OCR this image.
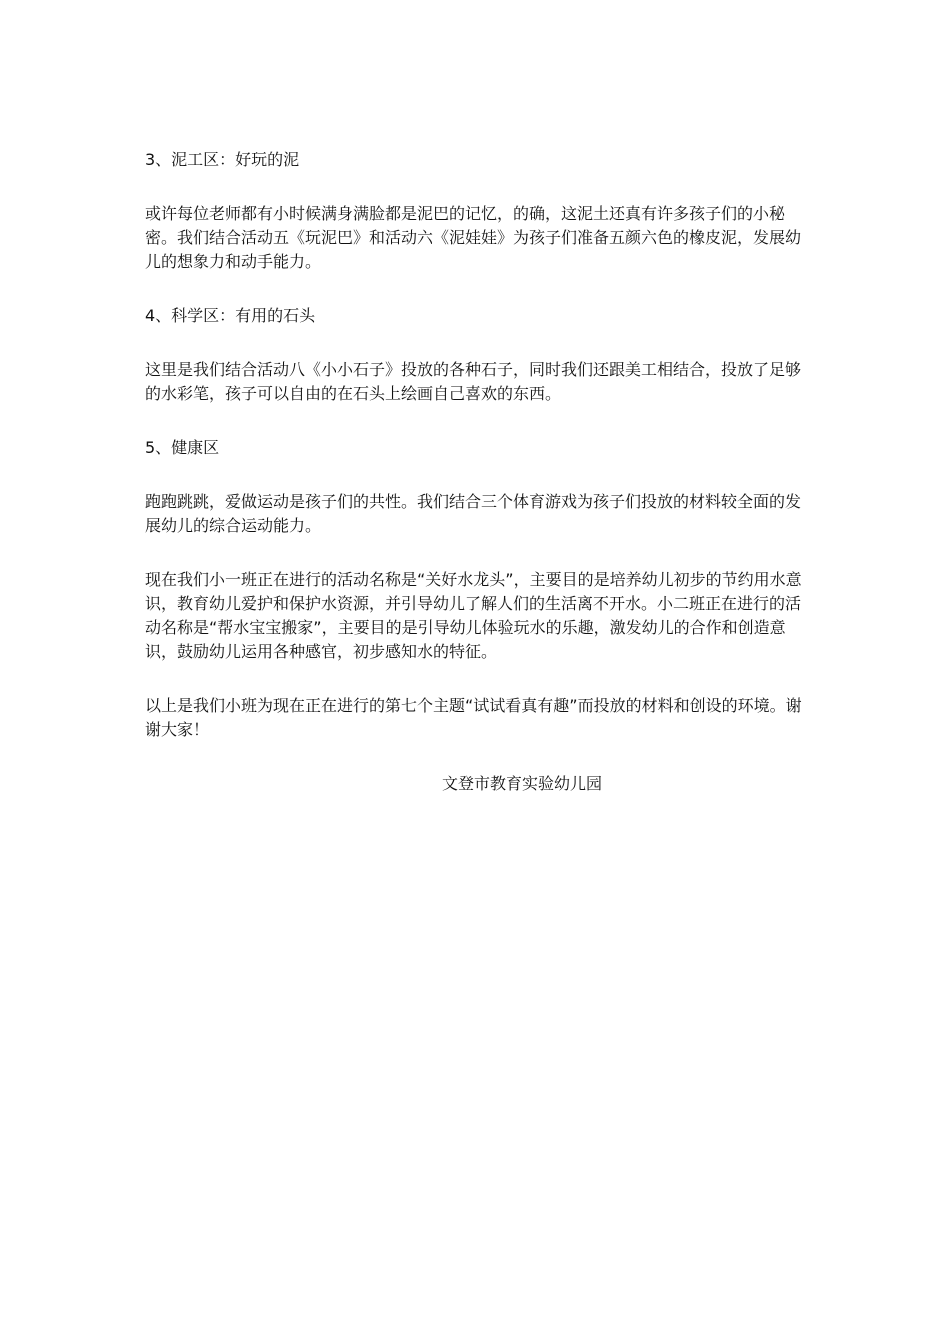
3、泥工区：好玩的泥

或许每位老师都有小时候满身满脸都是泥巴的记忆，的确，这泥土还真有许多孩子们的小秘密。我们结合活动五《玩泥巴》和活动六《泥娃娃》为孩子们准备五颜六色的橡皮泥，发展幼儿的想象力和动手能力。

4、科学区：有用的石头

这里是我们结合活动八《小小石子》投放的各种石子，同时我们还跟美工相结合，投放了足够的水彩笔，孩子可以自由的在石头上绘画自己喜欢的东西。

5、健康区

跑跑跳跳，爱做运动是孩子们的共性。我们结合三个体育游戏为孩子们投放的材料较全面的发展幼儿的综合运动能力。

现在我们小一班正在进行的活动名称是“关好水龙头”，主要目的是培养幼儿初步的节约用水意识，教育幼儿爱护和保护水资源，并引导幼儿了解人们的生活离不开水。小二班正在进行的活动名称是“帮水宝宝搬家”，主要目的是引导幼儿体验玩水的乐趣，激发幼儿的合作和创造意识，鼓励幼儿运用各种感官，初步感知水的特征。

以上是我们小班为现在正在进行的第七个主题“试试看真有趣”而投放的材料和创设的环境。谢谢大家！

文登市教育实验幼儿园
